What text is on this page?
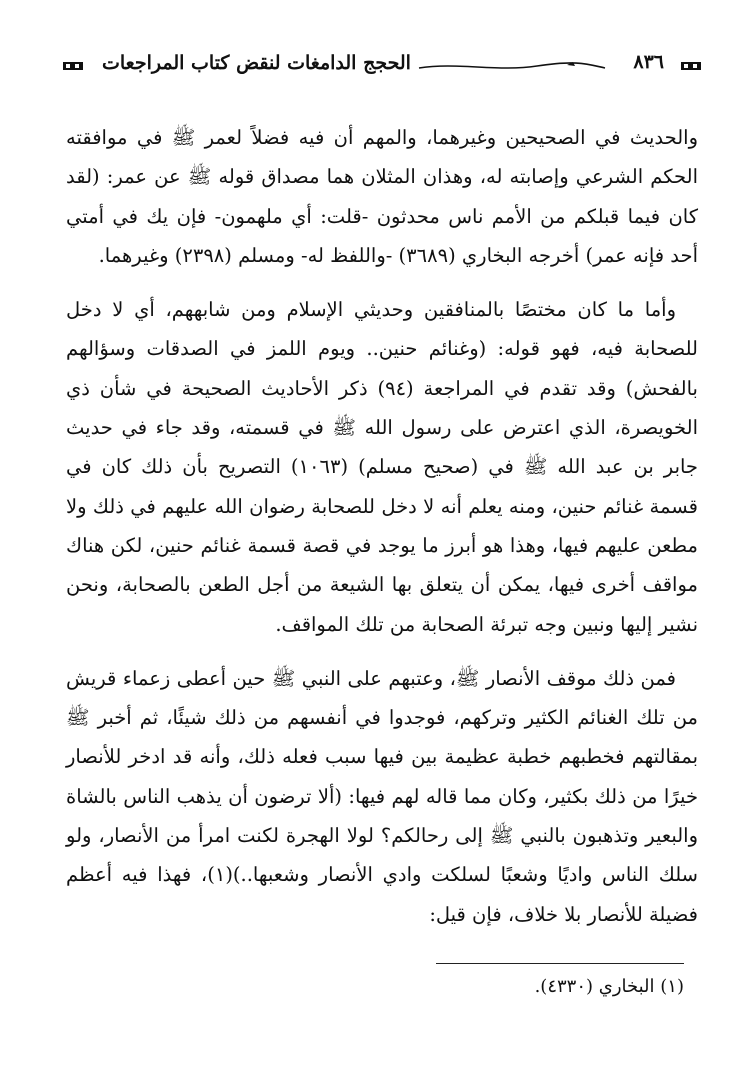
٨٣٦
الحجج الدامغات لنقض كتاب المراجعات

والحديث في الصحيحين وغيرهما، والمهم أن فيه فضلاً لعمر ﷺ في موافقته الحكم الشرعي وإصابته له، وهذان المثلان هما مصداق قوله ﷺ عن عمر: (لقد كان فيما قبلكم من الأمم ناس محدثون -قلت: أي ملهمون- فإن يك في أمتي أحد فإنه عمر) أخرجه البخاري (٣٦٨٩) -واللفظ له- ومسلم (٢٣٩٨) وغيرهما.

وأما ما كان مختصًا بالمنافقين وحديثي الإسلام ومن شابههم، أي لا دخل للصحابة فيه، فهو قوله: (وغنائم حنين.. ويوم اللمز في الصدقات وسؤالهم بالفحش) وقد تقدم في المراجعة (٩٤) ذكر الأحاديث الصحيحة في شأن ذي الخويصرة، الذي اعترض على رسول الله ﷺ في قسمته، وقد جاء في حديث جابر بن عبد الله ﷺ في (صحيح مسلم) (١٠٦٣) التصريح بأن ذلك كان في قسمة غنائم حنين، ومنه يعلم أنه لا دخل للصحابة رضوان الله عليهم في ذلك ولا مطعن عليهم فيها، وهذا هو أبرز ما يوجد في قصة قسمة غنائم حنين، لكن هناك مواقف أخرى فيها، يمكن أن يتعلق بها الشيعة من أجل الطعن بالصحابة، ونحن نشير إليها ونبين وجه تبرئة الصحابة من تلك المواقف.

فمن ذلك موقف الأنصار ﷺ، وعتبهم على النبي ﷺ حين أعطى زعماء قريش من تلك الغنائم الكثير وتركهم، فوجدوا في أنفسهم من ذلك شيئًا، ثم أخبر ﷺ بمقالتهم فخطبهم خطبة عظيمة بين فيها سبب فعله ذلك، وأنه قد ادخر للأنصار خيرًا من ذلك بكثير، وكان مما قاله لهم فيها: (ألا ترضون أن يذهب الناس بالشاة والبعير وتذهبون بالنبي ﷺ إلى رحالكم؟ لولا الهجرة لكنت امرأ من الأنصار، ولو سلك الناس واديًا وشعبًا لسلكت وادي الأنصار وشعبها..)(١)، فهذا فيه أعظم فضيلة للأنصار بلا خلاف، فإن قيل:

(١) البخاري (٤٣٣٠).
